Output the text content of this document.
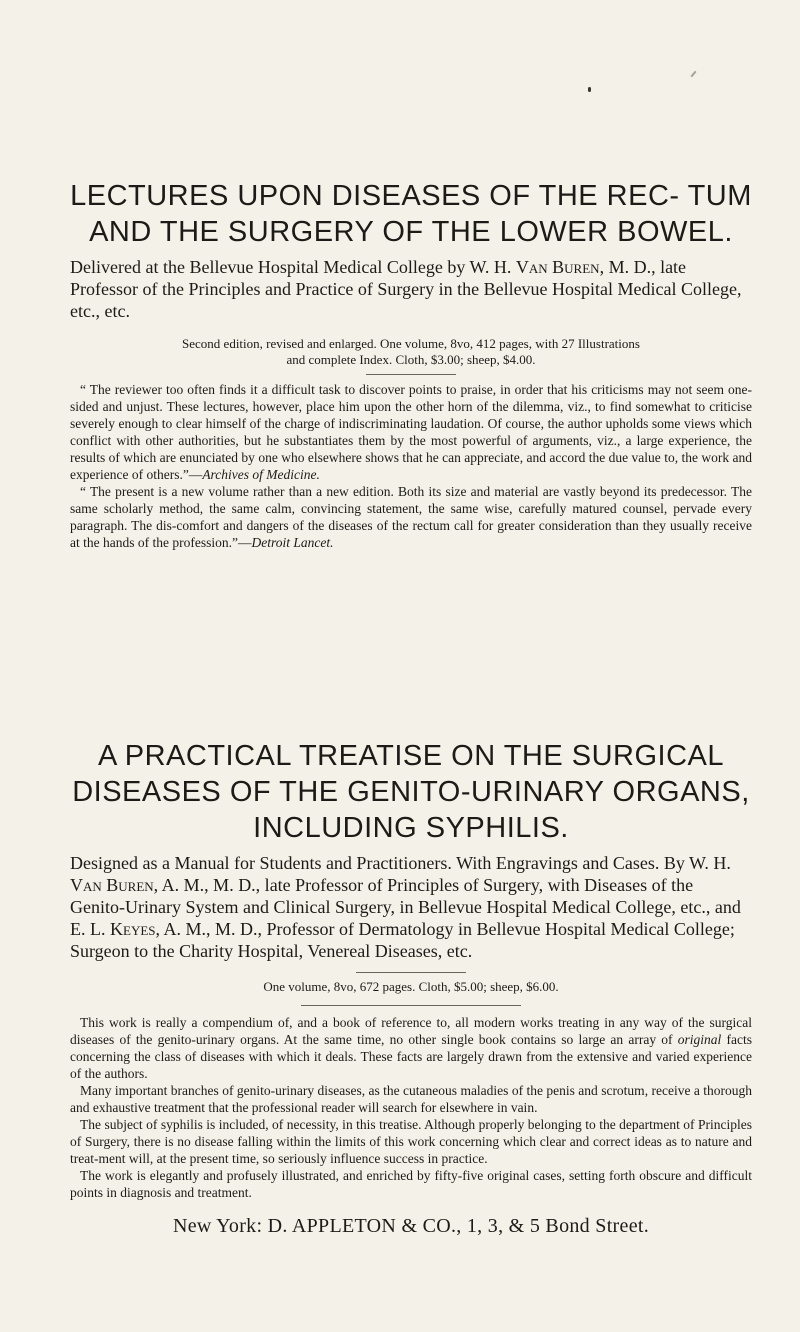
LECTURES UPON DISEASES OF THE REC- TUM AND THE SURGERY OF THE LOWER BOWEL.

Delivered at the Bellevue Hospital Medical College by W. H. Van Buren, M. D., late Professor of the Principles and Practice of Surgery in the Bellevue Hospital Medical College, etc., etc.

Second edition, revised and enlarged. One volume, 8vo, 412 pages, with 27 Illustrations
and complete Index. Cloth, $3.00; sheep, $4.00.

“ The reviewer too often finds it a difficult task to discover points to praise, in order that his criticisms may not seem one-sided and unjust. These lectures, however, place him upon the other horn of the dilemma, viz., to find somewhat to criticise severely enough to clear himself of the charge of indiscriminating laudation. Of course, the author upholds some views which conflict with other authorities, but he substantiates them by the most powerful of arguments, viz., a large experience, the results of which are enunciated by one who elsewhere shows that he can appreciate, and accord the due value to, the work and experience of others.”—Archives of Medicine.

“ The present is a new volume rather than a new edition. Both its size and material are vastly beyond its predecessor. The same scholarly method, the same calm, convincing statement, the same wise, carefully matured counsel, pervade every paragraph. The dis-comfort and dangers of the diseases of the rectum call for greater consideration than they usually receive at the hands of the profession.”—Detroit Lancet.

A PRACTICAL TREATISE ON THE SURGICAL DISEASES OF THE GENITO-URINARY ORGANS, INCLUDING SYPHILIS.

Designed as a Manual for Students and Practitioners. With Engravings and Cases. By W. H. Van Buren, A. M., M. D., late Professor of Principles of Surgery, with Diseases of the Genito-Urinary System and Clinical Surgery, in Bellevue Hospital Medical College, etc., and E. L. Keyes, A. M., M. D., Professor of Dermatology in Bellevue Hospital Medical College; Surgeon to the Charity Hospital, Venereal Diseases, etc.

One volume, 8vo, 672 pages. Cloth, $5.00; sheep, $6.00.

This work is really a compendium of, and a book of reference to, all modern works treating in any way of the surgical diseases of the genito-urinary organs. At the same time, no other single book contains so large an array of original facts concerning the class of diseases with which it deals. These facts are largely drawn from the extensive and varied experience of the authors.

Many important branches of genito-urinary diseases, as the cutaneous maladies of the penis and scrotum, receive a thorough and exhaustive treatment that the professional reader will search for elsewhere in vain.

The subject of syphilis is included, of necessity, in this treatise. Although properly belonging to the department of Principles of Surgery, there is no disease falling within the limits of this work concerning which clear and correct ideas as to nature and treat-ment will, at the present time, so seriously influence success in practice.

The work is elegantly and profusely illustrated, and enriched by fifty-five original cases, setting forth obscure and difficult points in diagnosis and treatment.

New York: D. APPLETON & CO., 1, 3, & 5 Bond Street.
